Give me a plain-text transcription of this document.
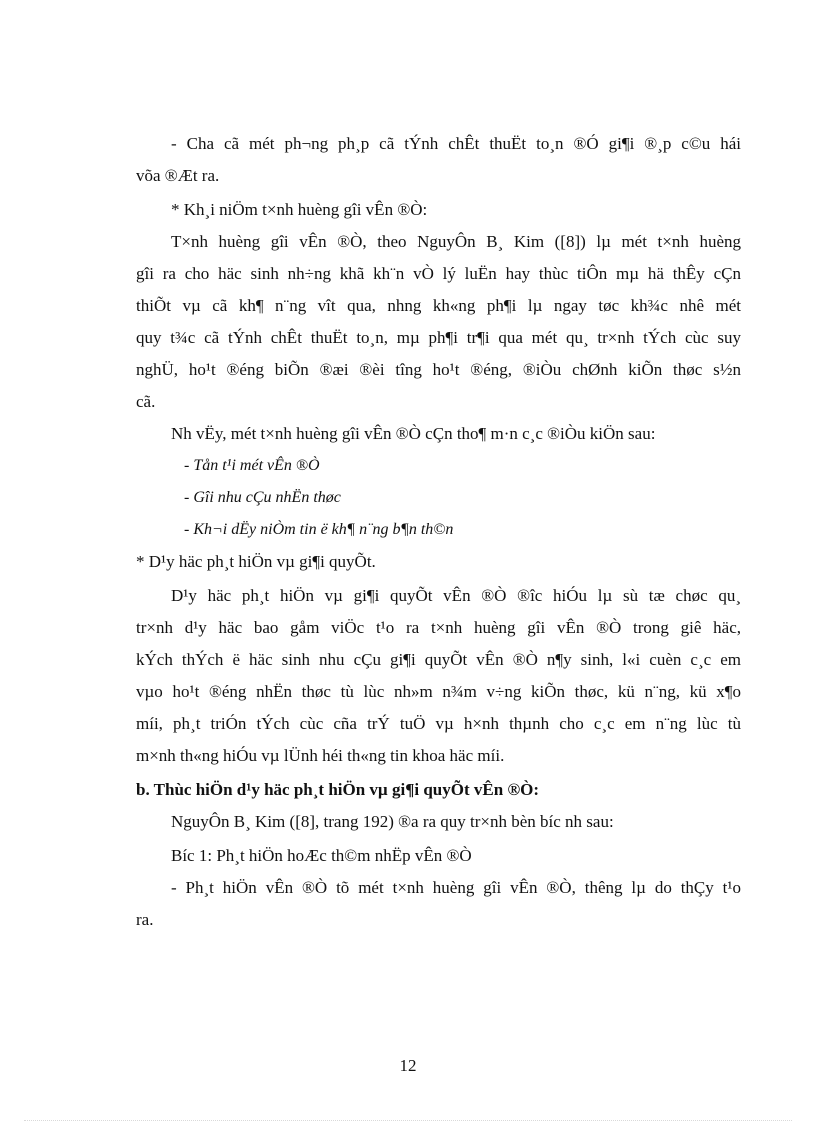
- Cha cã mét ph¬ng ph¸p cã tÝnh chÊt thuËt to¸n ®Ó gi¶i ®¸p c©u hái
võa ®Æt ra.
* Kh¸i niÖm t×nh huèng gîi vÊn ®Ò:
T×nh huèng gîi vÊn ®Ò, theo NguyÔn B¸ Kim ([8]) lµ mét t×nh huèng
gîi ra cho häc sinh nh÷ng khã kh¨n vÒ lý luËn hay thùc tiÔn mµ hä thÊy cÇn
thiÕt vµ cã kh¶ n¨ng vît qua, nhng kh«ng ph¶i lµ ngay tøc kh¾c nhê mét
quy t¾c cã tÝnh chÊt thuËt to¸n, mµ ph¶i tr¶i qua mét qu¸ tr×nh tÝch cùc suy
nghÜ, ho¹t ®éng biÕn ®æi ®èi tîng ho¹t ®éng, ®iÒu chØnh kiÕn thøc s½n
cã.
Nh vËy, mét t×nh huèng gîi vÊn ®Ò cÇn tho¶ m·n c¸c ®iÒu kiÖn sau:
- Tån t¹i mét vÊn ®Ò
- Gîi nhu cÇu nhËn thøc
- Kh¬i dËy niÒm tin ë kh¶ n¨ng b¶n th©n
* D¹y häc ph¸t hiÖn vµ gi¶i quyÕt.
D¹y häc ph¸t hiÖn vµ gi¶i quyÕt vÊn ®Ò ®îc hiÓu lµ sù tæ chøc qu¸
tr×nh d¹y häc bao gåm viÖc t¹o ra t×nh huèng gîi vÊn ®Ò trong giê häc,
kÝch thÝch ë häc sinh nhu cÇu gi¶i quyÕt vÊn ®Ò n¶y sinh, l«i cuèn c¸c em
vµo ho¹t ®éng nhËn thøc tù lùc nh»m n¾m v÷ng kiÕn thøc, kü n¨ng, kü x¶o
míi, ph¸t triÓn tÝch cùc cña trÝ tuÖ vµ h×nh thµnh cho c¸c em n¨ng lùc tù
m×nh th«ng hiÓu vµ lÜnh héi th«ng tin khoa häc míi.
b. Thùc hiÖn d¹y häc ph¸t hiÖn vµ gi¶i quyÕt vÊn ®Ò:
NguyÔn B¸ Kim ([8], trang 192) ®a ra quy tr×nh bèn bíc nh sau:
Bíc 1: Ph¸t hiÖn hoÆc th©m nhËp vÊn ®Ò
- Ph¸t hiÖn vÊn ®Ò tõ mét t×nh huèng gîi vÊn ®Ò, thêng lµ do thÇy t¹o
ra.
12
